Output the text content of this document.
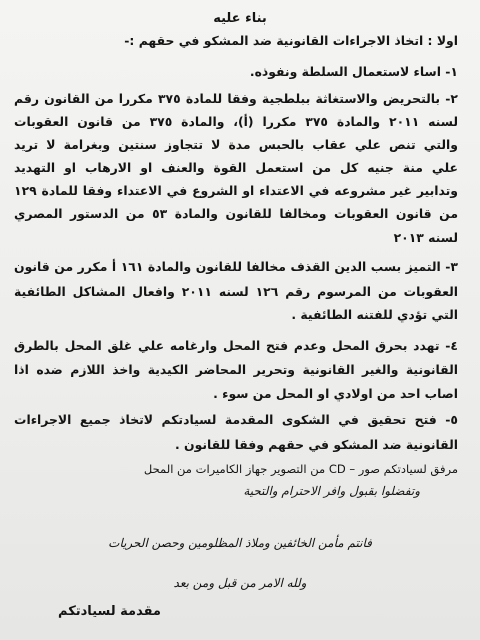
بناء عليه
اولا : اتخاذ الاجراءات القانونية ضد المشكو في حقهم :-
١- اساء لاستعمال السلطة ونفوذه.
٢- بالتحريض والاستغاثة ببلطجية وفقا للمادة ٣٧٥ مكررا من القانون رقم
لسنه ٢٠١١ والمادة ٣٧٥ مكررا (أ)، والمادة ٣٧٥ من قانون العقوبات
والتي تنص علي عقاب بالحبس مدة لا تتجاوز سنتين وبغرامة لا تريد
علي منة جنيه كل من استعمل القوة والعنف او الارهاب او التهديد
وتدابير غير مشروعه في الاعتداء او الشروع في الاعتداء وفقا للمادة ١٢٩
من قانون العقوبات ومخالفا للقانون والمادة ٥٣ من الدستور المصري
لسنه ٢٠١٣
٣- التميز بسب الدين القذف مخالفا للقانون والمادة ١٦١ أ مكرر من قانون
العقوبات من المرسوم رقم ١٢٦ لسنه ٢٠١١ وافعال المشاكل الطائفية
التي تؤدي للفتنه الطائفية .
٤- تهدد بحرق المحل وعدم فتح المحل وارغامه علي غلق المحل بالطرق
القانونية والغير القانونية وتحرير المحاضر الكيدية واخذ اللازم ضده اذا
اصاب احد من اولادي او المحل من سوء .
٥- فتح تحقيق في الشكوى المقدمة لسيادتكم لاتخاذ جميع الاجراءات
القانونية ضد المشكو في حقهم وفقا للقانون .
مرفق لسيادتكم صور – CD من التصوير جهاز الكاميرات من المحل
وتفضلوا بقبول وافر الاحترام والتحية
فانتم مأمن الخائفين وملاذ المظلومين وحصن الحريات
ولله الامر من قبل ومن بعد
مقدمة لسيادتكم
